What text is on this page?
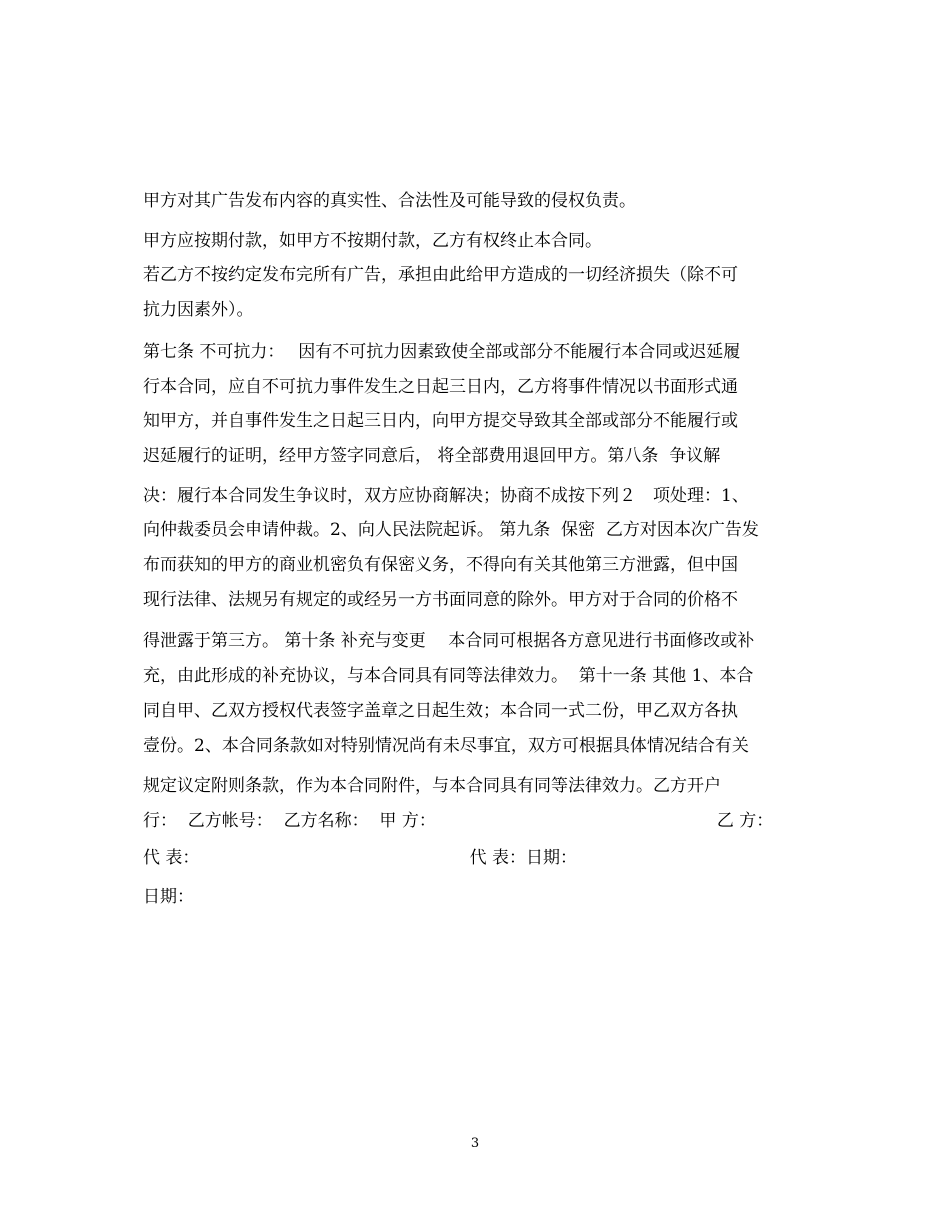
甲方对其广告发布内容的真实性、合法性及可能导致的侵权负责。
甲方应按期付款，如甲方不按期付款，乙方有权终止本合同。
若乙方不按约定发布完所有广告，承担由此给甲方造成的一切经济损失（除不可
抗力因素外）。
第七条 不可抗力：　 因有不可抗力因素致使全部或部分不能履行本合同或迟延履
行本合同，应自不可抗力事件发生之日起三日内，乙方将事件情况以书面形式通
知甲方，并自事件发生之日起三日内，向甲方提交导致其全部或部分不能履行或
迟延履行的证明，经甲方签字同意后， 将全部费用退回甲方。第八条  争议解
决：履行本合同发生争议时，双方应协商解决；协商不成按下列２　项处理：1、
向仲裁委员会申请仲裁。2、向人民法院起诉。 第九条  保密  乙方对因本次广告发
布而获知的甲方的商业机密负有保密义务，不得向有关其他第三方泄露，但中国
现行法律、法规另有规定的或经另一方书面同意的除外。甲方对于合同的价格不
得泄露于第三方。 第十条 补充与变更　 本合同可根据各方意见进行书面修改或补
充，由此形成的补充协议，与本合同具有同等法律效力。  第十一条 其他 1、本合
同自甲、乙双方授权代表签字盖章之日起生效；本合同一式二份，甲乙双方各执
壹份。2、本合同条款如对特别情况尚有未尽事宜，双方可根据具体情况结合有关
规定议定附则条款，作为本合同附件，与本合同具有同等法律效力。乙方开户
行：  乙方帐号：  乙方名称：  甲 方：                                                    乙 方：
代 表：                                                  代 表：日期：
日期：
3
